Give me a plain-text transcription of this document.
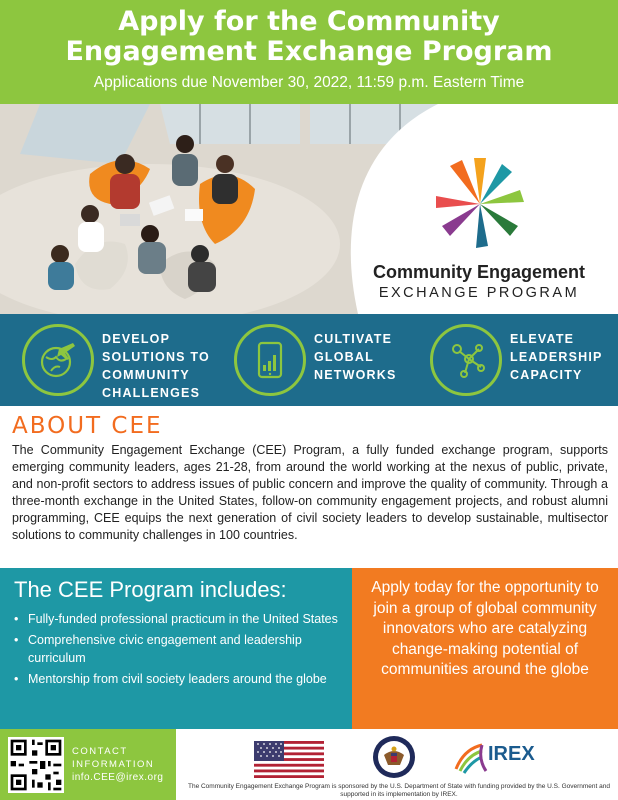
Apply for the Community
Engagement Exchange Program
Applications due November 30, 2022, 11:59 p.m. Eastern Time
Community Engagement
EXCHANGE PROGRAM
DEVELOP
SOLUTIONS TO
COMMUNITY
CHALLENGES
CULTIVATE
GLOBAL
NETWORKS
ELEVATE
LEADERSHIP
CAPACITY
ABOUT CEE

The Community Engagement Exchange (CEE) Program, a fully funded exchange program, supports emerging community leaders, ages 21-28, from around the world working at the nexus of public, private, and non-profit sectors to address issues of public concern and improve the quality of community. Through a three-month exchange in the United States, follow-on community engagement projects, and robust alumni programming, CEE equips the next generation of civil society leaders to develop sustainable, multisector solutions to community challenges in 100 countries.

The CEE Program includes:
• Fully-funded professional practicum in the United States
• Comprehensive civic engagement and leadership curriculum
• Mentorship from civil society leaders around the globe

Apply today for the opportunity to join a group of global community innovators who are catalyzing change-making potential of communities around the globe

CONTACT
INFORMATION
info.CEE@irex.org
IREX
The Community Engagement Exchange Program is sponsored by the U.S. Department of State with funding provided by the U.S. Government and supported in its implementation by IREX.
